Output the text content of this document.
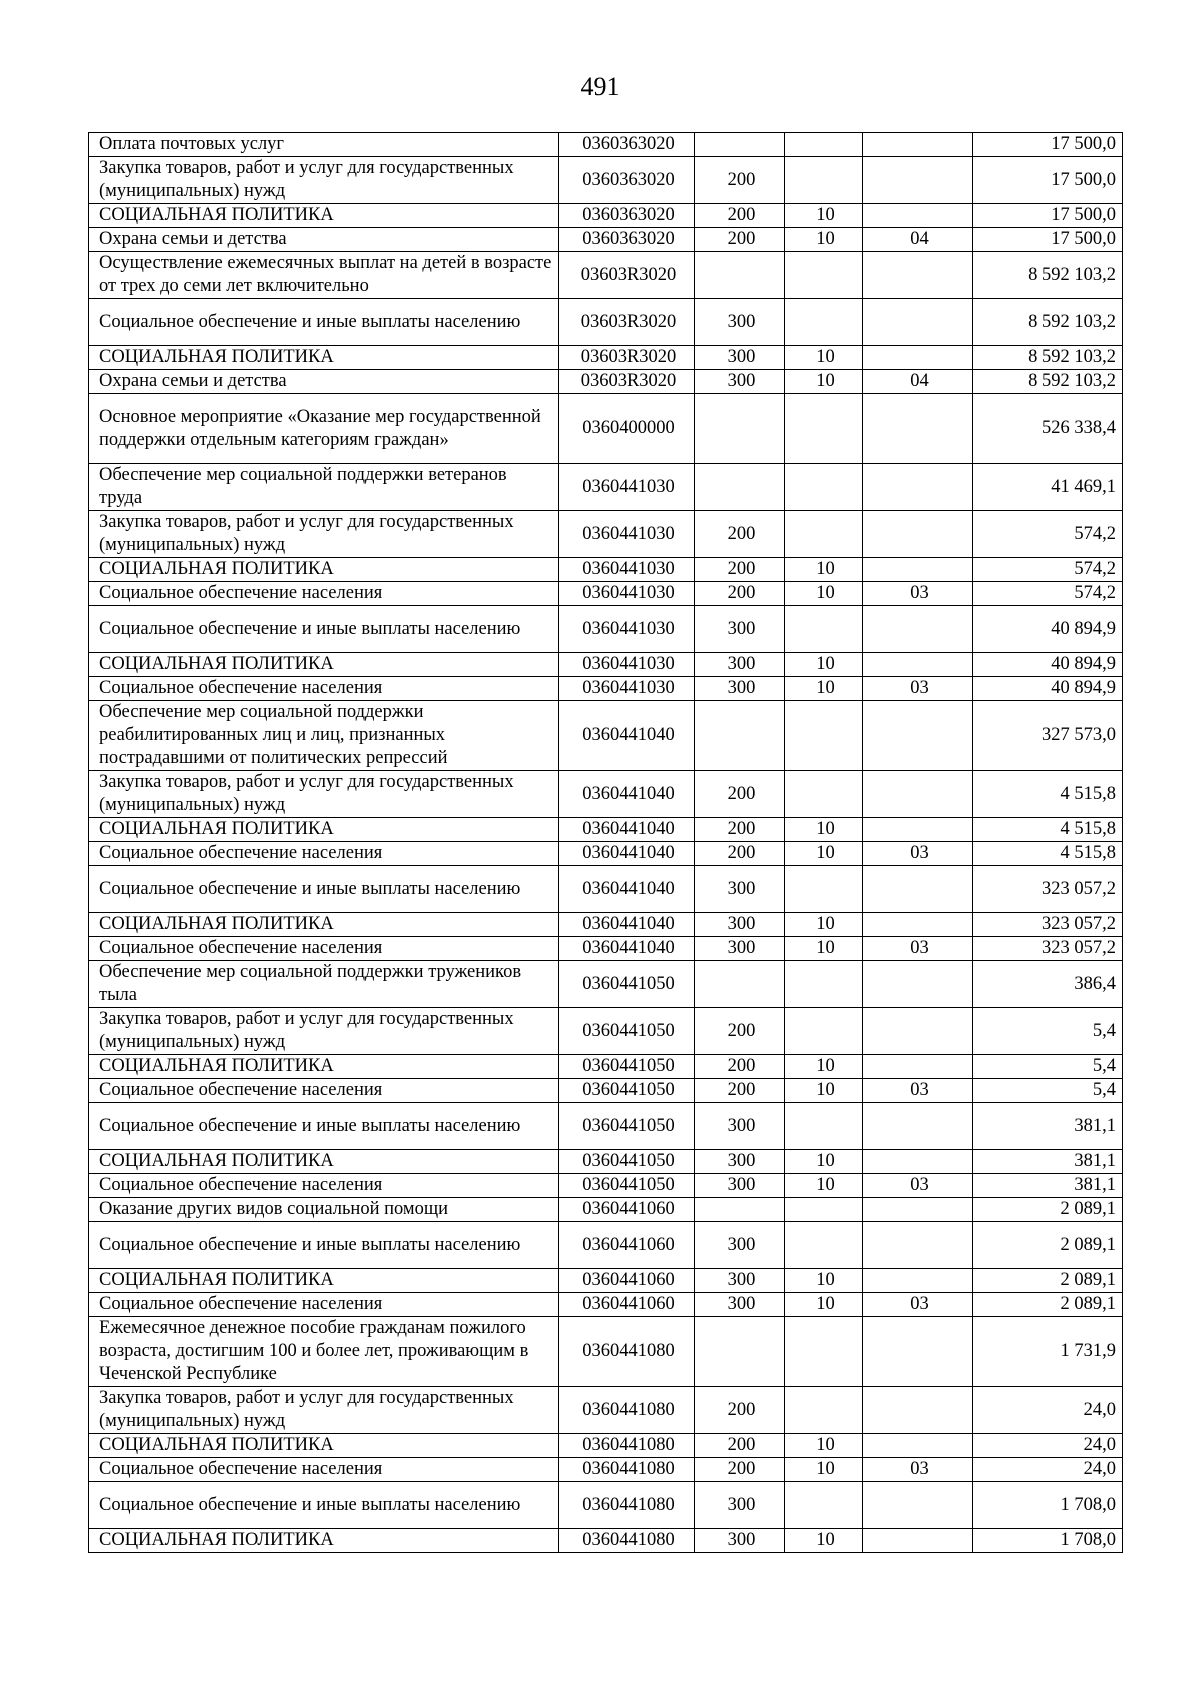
491
Оплата почтовых услуг	0360363020				17 500,0
Закупка товаров, работ и услуг для государственных (муниципальных) нужд	0360363020	200			17 500,0
СОЦИАЛЬНАЯ ПОЛИТИКА	0360363020	200	10		17 500,0
Охрана семьи и детства	0360363020	200	10	04	17 500,0
Осуществление ежемесячных выплат на детей в возрасте от трех до семи лет включительно	03603R3020				8 592 103,2
Социальное обеспечение и иные выплаты населению	03603R3020	300			8 592 103,2
СОЦИАЛЬНАЯ ПОЛИТИКА	03603R3020	300	10		8 592 103,2
Охрана семьи и детства	03603R3020	300	10	04	8 592 103,2
Основное мероприятие «Оказание мер государственной поддержки отдельным категориям граждан»	0360400000				526 338,4
Обеспечение мер социальной поддержки ветеранов труда	0360441030				41 469,1
Закупка товаров, работ и услуг для государственных (муниципальных) нужд	0360441030	200			574,2
СОЦИАЛЬНАЯ ПОЛИТИКА	0360441030	200	10		574,2
Социальное обеспечение населения	0360441030	200	10	03	574,2
Социальное обеспечение и иные выплаты населению	0360441030	300			40 894,9
СОЦИАЛЬНАЯ ПОЛИТИКА	0360441030	300	10		40 894,9
Социальное обеспечение населения	0360441030	300	10	03	40 894,9
Обеспечение мер социальной поддержки реабилитированных лиц и лиц, признанных пострадавшими от политических репрессий	0360441040				327 573,0
Закупка товаров, работ и услуг для государственных (муниципальных) нужд	0360441040	200			4 515,8
СОЦИАЛЬНАЯ ПОЛИТИКА	0360441040	200	10		4 515,8
Социальное обеспечение населения	0360441040	200	10	03	4 515,8
Социальное обеспечение и иные выплаты населению	0360441040	300			323 057,2
СОЦИАЛЬНАЯ ПОЛИТИКА	0360441040	300	10		323 057,2
Социальное обеспечение населения	0360441040	300	10	03	323 057,2
Обеспечение мер социальной поддержки тружеников тыла	0360441050				386,4
Закупка товаров, работ и услуг для государственных (муниципальных) нужд	0360441050	200			5,4
СОЦИАЛЬНАЯ ПОЛИТИКА	0360441050	200	10		5,4
Социальное обеспечение населения	0360441050	200	10	03	5,4
Социальное обеспечение и иные выплаты населению	0360441050	300			381,1
СОЦИАЛЬНАЯ ПОЛИТИКА	0360441050	300	10		381,1
Социальное обеспечение населения	0360441050	300	10	03	381,1
Оказание других видов социальной помощи	0360441060				2 089,1
Социальное обеспечение и иные выплаты населению	0360441060	300			2 089,1
СОЦИАЛЬНАЯ ПОЛИТИКА	0360441060	300	10		2 089,1
Социальное обеспечение населения	0360441060	300	10	03	2 089,1
Ежемесячное денежное пособие гражданам пожилого возраста, достигшим 100 и более лет, проживающим в Чеченской Республике	0360441080				1 731,9
Закупка товаров, работ и услуг для государственных (муниципальных) нужд	0360441080	200			24,0
СОЦИАЛЬНАЯ ПОЛИТИКА	0360441080	200	10		24,0
Социальное обеспечение населения	0360441080	200	10	03	24,0
Социальное обеспечение и иные выплаты населению	0360441080	300			1 708,0
СОЦИАЛЬНАЯ ПОЛИТИКА	0360441080	300	10		1 708,0
